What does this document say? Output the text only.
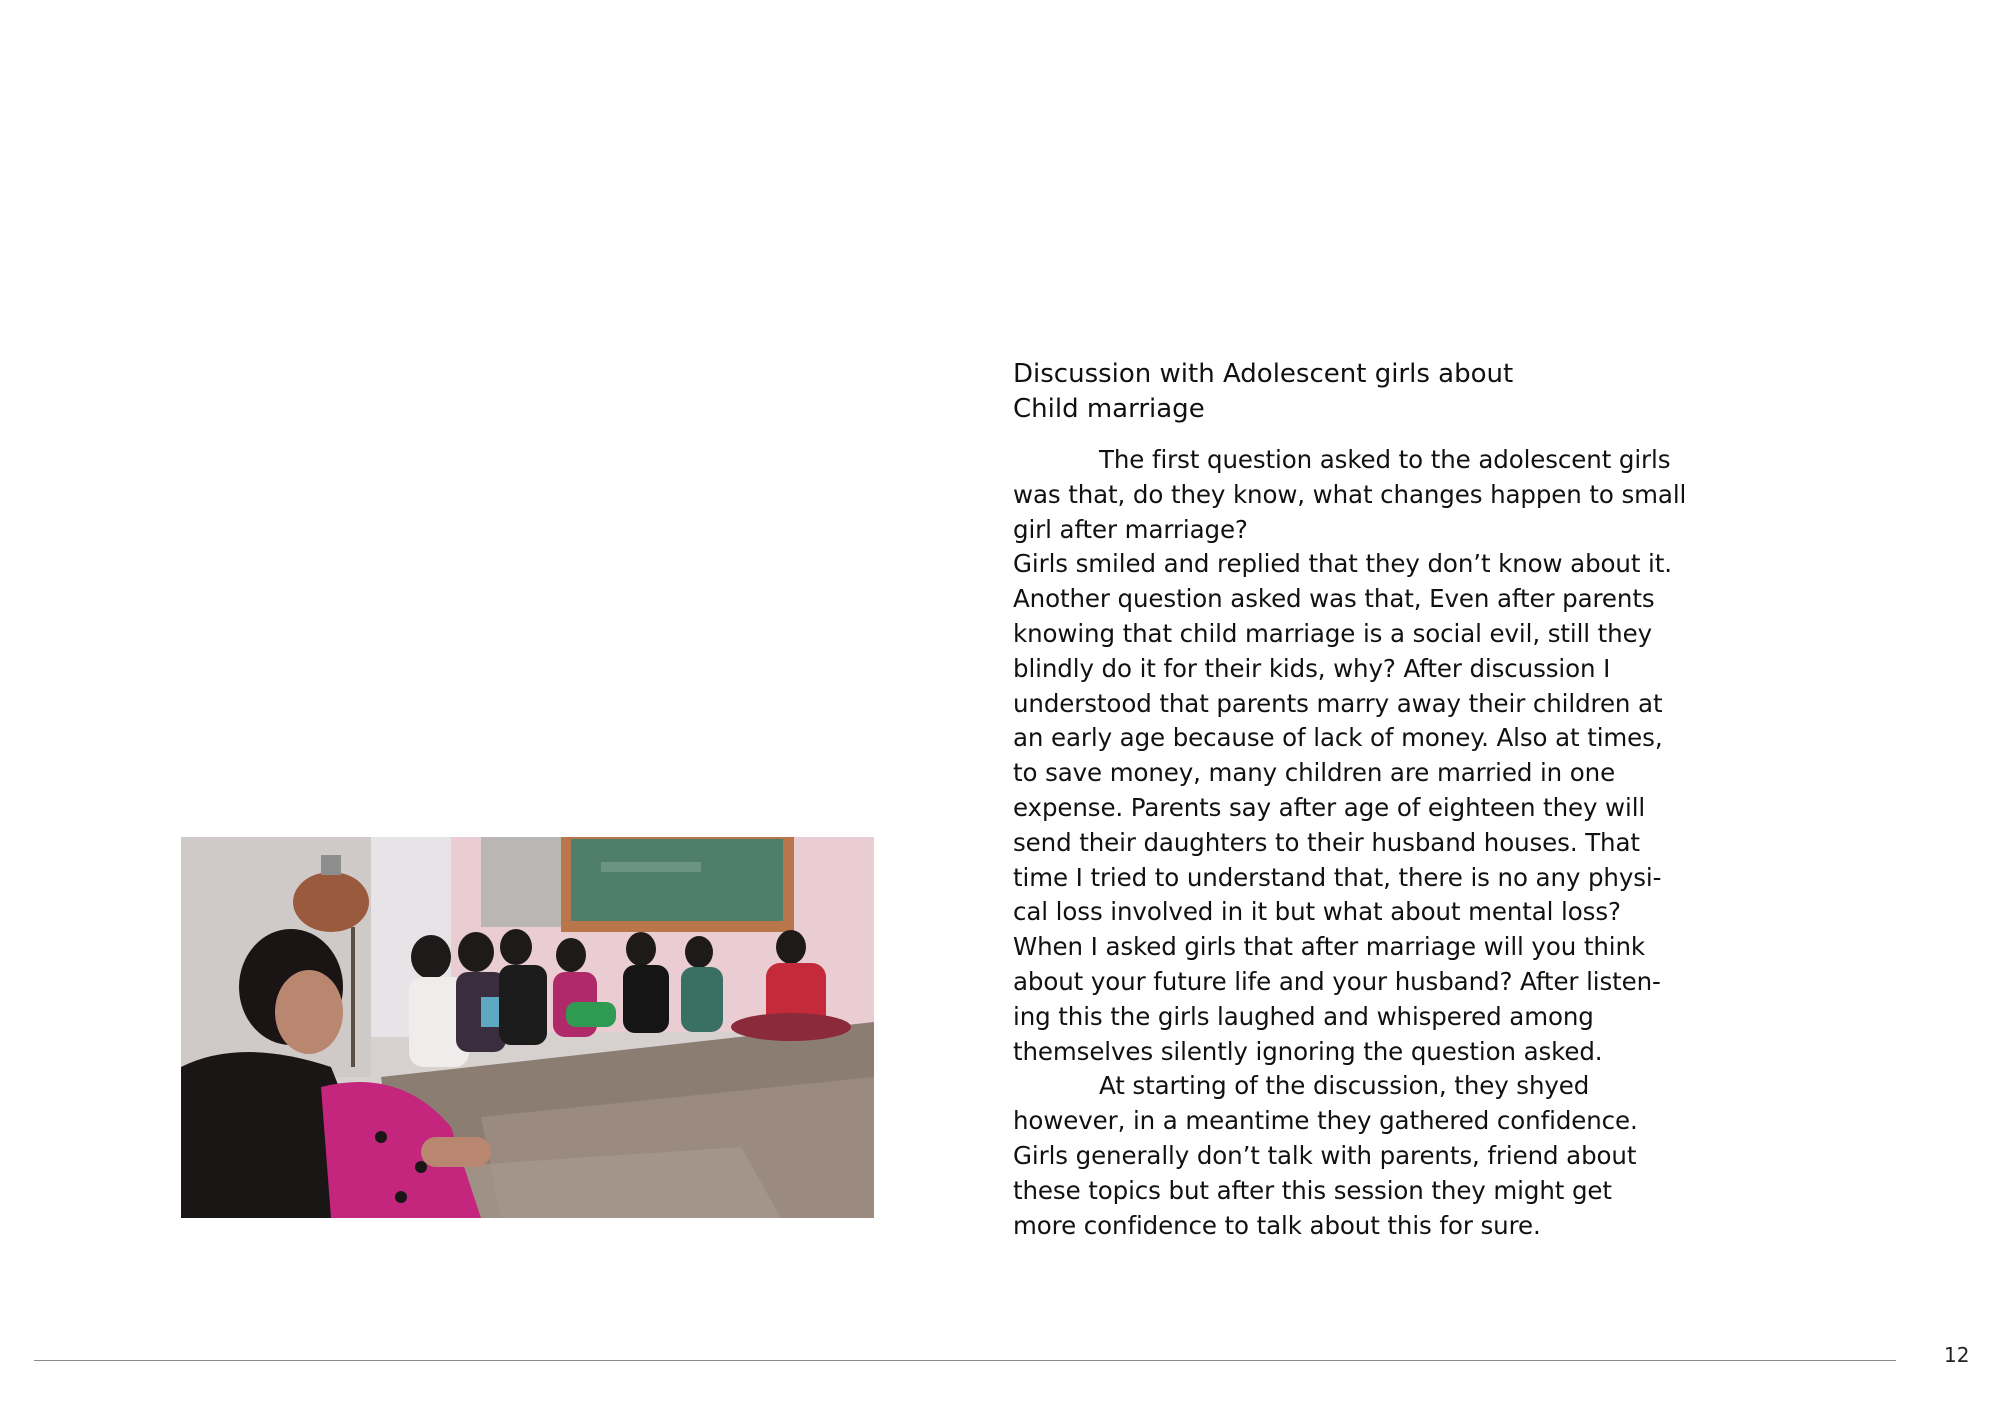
Discussion with Adolescent girls about
Child marriage
The first question asked to the adolescent girls
was that, do they know, what changes happen to small
girl after marriage?
Girls smiled and replied that they don’t know about it.
Another question asked was that, Even after parents
knowing that child marriage is a social evil, still they
blindly do it for their kids, why? After discussion I
understood that parents marry away their children at
an early age because of lack of money. Also at times,
to save money, many children are married in one
expense. Parents say after age of eighteen they will
send their daughters to their husband houses. That
time I tried to understand that, there is no any physi-
cal loss involved in it but what about mental loss?
When I asked girls that after marriage will you think
about your future life and your husband? After listen-
ing this the girls laughed and whispered among
themselves silently ignoring the question asked.
At starting of the discussion, they shyed
however, in a meantime they gathered confidence.
Girls generally don’t talk with parents, friend about
these topics but after this session they might get
more confidence to talk about this for sure.
12
